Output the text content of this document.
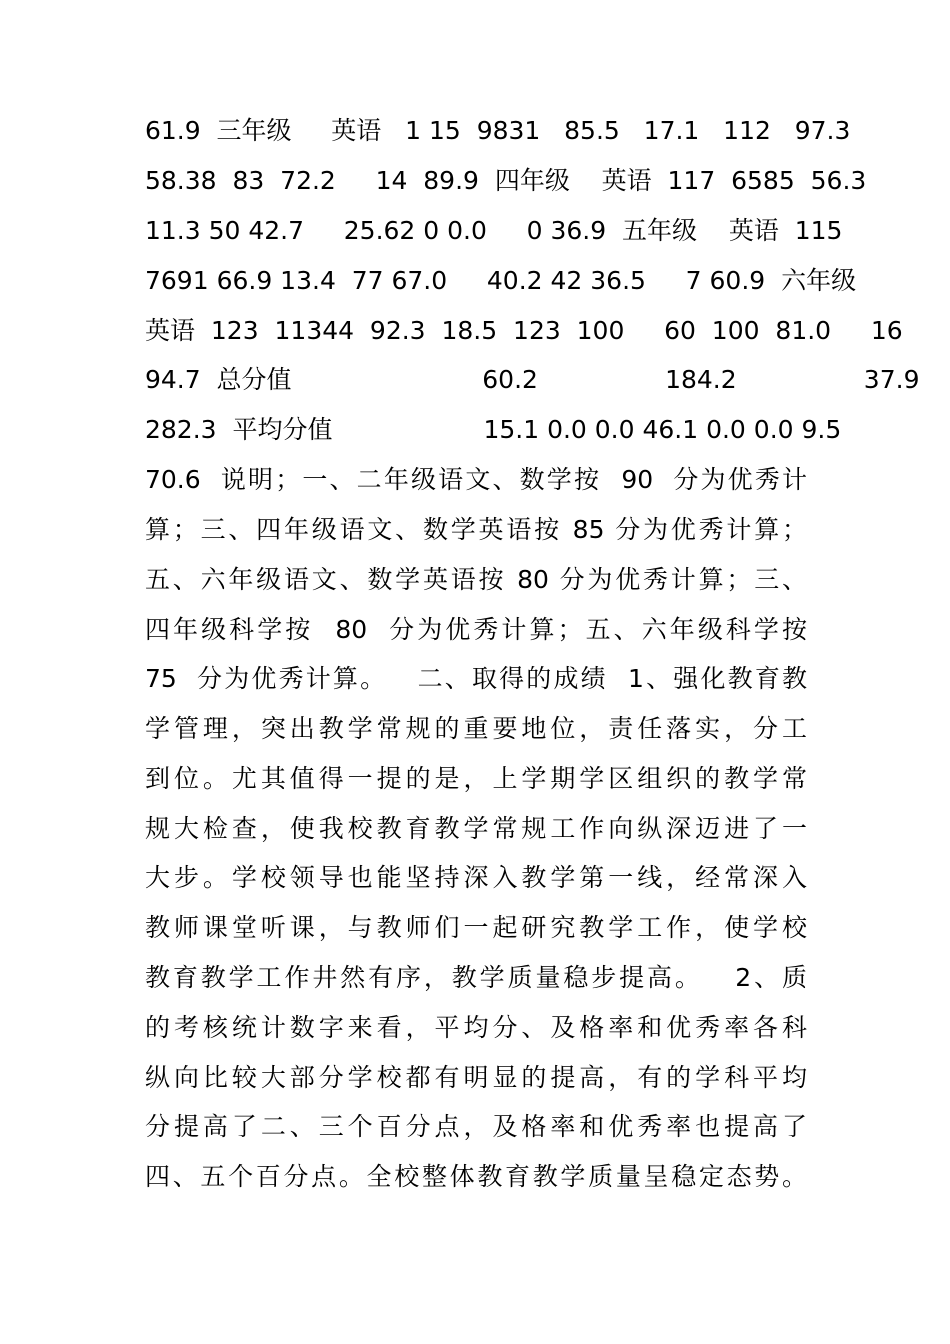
61.9  三年级     英语   1 15  9831   85.5   17.1   112   97.3
58.38  83  72.2     14  89.9  四年级    英语  117  6585  56.3
11.3 50 42.7     25.62 0 0.0     0 36.9  五年级    英语  115
7691 66.9 13.4  77 67.0     40.2 42 36.5     7 60.9  六年级
英语  123  11344  92.3  18.5  123  100     60  100  81.0     16
94.7  总分值                        60.2                184.2                37.9
282.3  平均分值                   15.1 0.0 0.0 46.1 0.0 0.0 9.5
70.6  说明；一、二年级语文、数学按  90  分为优秀计
算；三、四年级语文、数学英语按 85 分为优秀计算；
五、六年级语文、数学英语按 80 分为优秀计算；三、
四年级科学按  80  分为优秀计算；五、六年级科学按
75  分为优秀计算。   二、取得的成绩  1、强化教育教
学管理，突出教学常规的重要地位，责任落实，分工
到位。尤其值得一提的是，上学期学区组织的教学常
规大检查，使我校教育教学常规工作向纵深迈进了一
大步。学校领导也能坚持深入教学第一线，经常深入
教师课堂听课，与教师们一起研究教学工作，使学校
教育教学工作井然有序，教学质量稳步提高。   2、质
的考核统计数字来看，平均分、及格率和优秀率各科
纵向比较大部分学校都有明显的提高，有的学科平均
分提高了二、三个百分点，及格率和优秀率也提高了
四、五个百分点。全校整体教育教学质量呈稳定态势。
